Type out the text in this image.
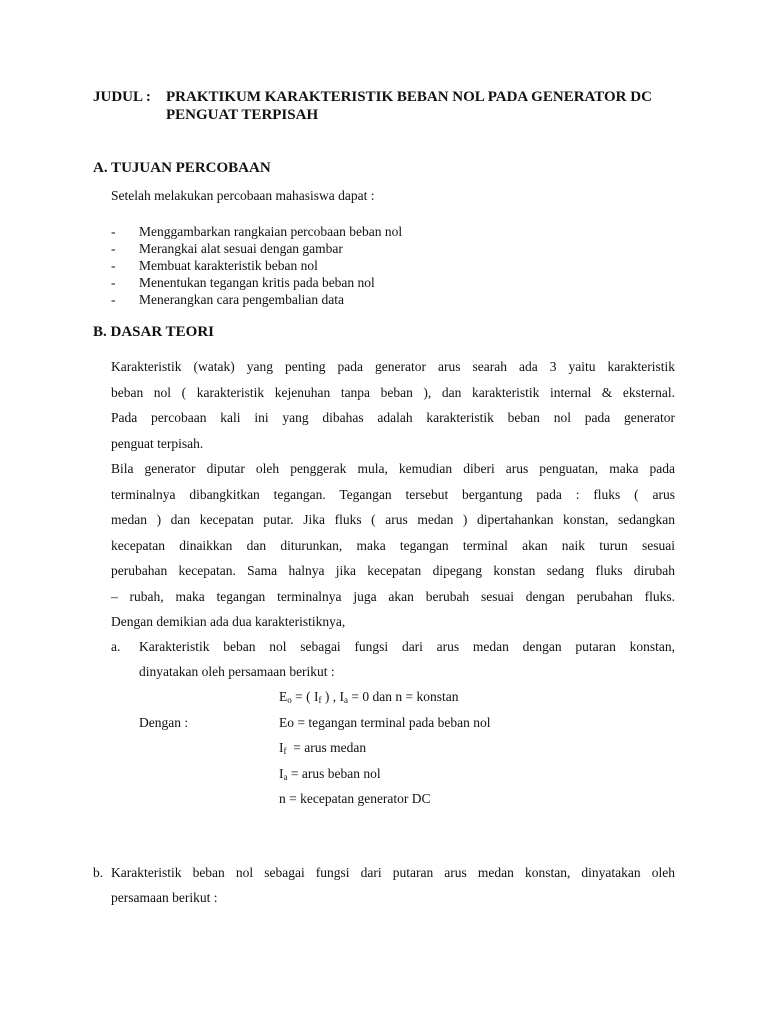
JUDUL : PRAKTIKUM KARAKTERISTIK BEBAN NOL PADA GENERATOR DC
PENGUAT TERPISAH
A. TUJUAN PERCOBAAN
Setelah melakukan percobaan mahasiswa dapat :
- Menggambarkan rangkaian percobaan beban nol
- Merangkai alat sesuai dengan gambar
- Membuat karakteristik beban nol
- Menentukan tegangan kritis pada beban nol
- Menerangkan cara pengembalian data
B. DASAR TEORI
Karakteristik (watak) yang penting pada generator arus searah ada 3 yaitu karakteristik
beban nol ( karakteristik kejenuhan tanpa beban ), dan karakteristik internal & eksternal.
Pada percobaan kali ini yang dibahas adalah karakteristik beban nol pada generator
penguat terpisah.
Bila generator diputar oleh penggerak mula, kemudian diberi arus penguatan, maka pada
terminalnya dibangkitkan tegangan. Tegangan tersebut bergantung pada : fluks ( arus
medan ) dan kecepatan putar. Jika fluks ( arus medan ) dipertahankan konstan, sedangkan
kecepatan dinaikkan dan diturunkan, maka tegangan terminal akan naik turun sesuai
perubahan kecepatan. Sama halnya jika kecepatan dipegang konstan sedang fluks dirubah
– rubah, maka tegangan terminalnya juga akan berubah sesuai dengan perubahan fluks.
Dengan demikian ada dua karakteristiknya,
a. Karakteristik beban nol sebagai fungsi dari arus medan dengan putaran konstan,
dinyatakan oleh persamaan berikut :
$E_o$ = ( $I_f$ ) , $I_a = 0$ dan n = konstan
Dengan :	Eo = tegangan terminal pada beban nol
$I_f$  = arus medan
$I_a$ = arus beban nol
n = kecepatan generator DC
b. Karakteristik beban nol sebagai fungsi dari putaran arus medan konstan, dinyatakan oleh
persamaan berikut :
